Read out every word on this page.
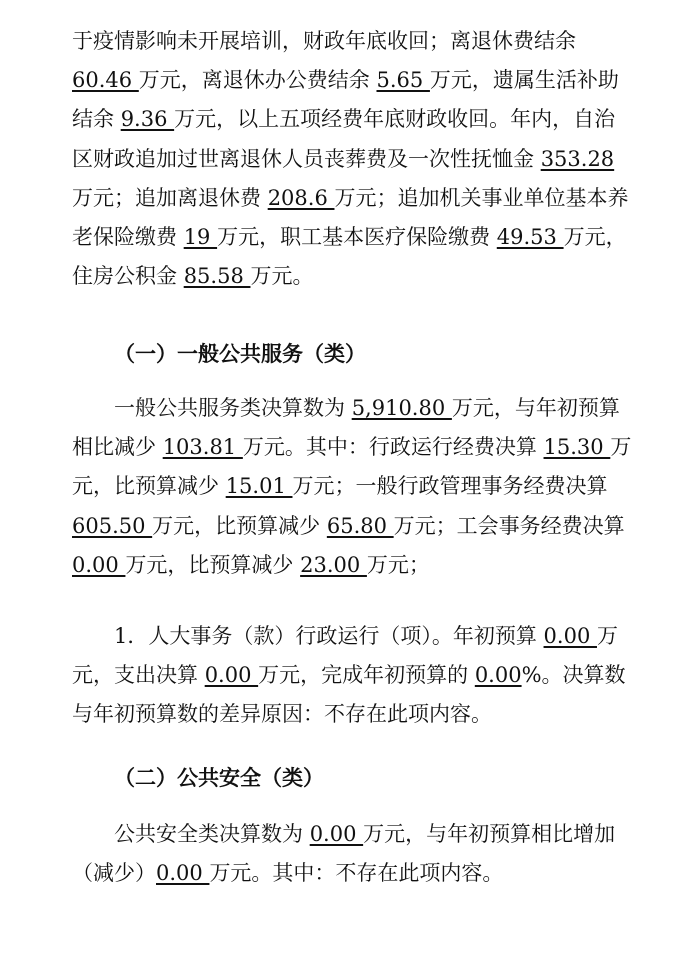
于疫情影响未开展培训，财政年底收回；离退休费结余60.46 万元，离退休办公费结余 5.65 万元，遗属生活补助结余 9.36 万元，以上五项经费年底财政收回。年内，自治区财政追加过世离退休人员丧葬费及一次性抚恤金 353.28 万元；追加离退休费 208.6 万元；追加机关事业单位基本养老保险缴费 19 万元，职工基本医疗保险缴费 49.53 万元，住房公积金 85.58 万元。

（一）一般公共服务（类）

　　一般公共服务类决算数为 5,910.80 万元，与年初预算相比减少 103.81 万元。其中：行政运行经费决算 15.30 万元，比预算减少 15.01 万元；一般行政管理事务经费决算 605.50 万元，比预算减少 65.80 万元；工会事务经费决算 0.00 万元，比预算减少 23.00 万元；

　　1．人大事务（款）行政运行（项）。年初预算 0.00 万元，支出决算 0.00 万元，完成年初预算的 0.00%。决算数与年初预算数的差异原因：不存在此项内容。

（二）公共安全（类）

　　公共安全类决算数为 0.00 万元，与年初预算相比增加（减少）0.00 万元。其中：不存在此项内容。
